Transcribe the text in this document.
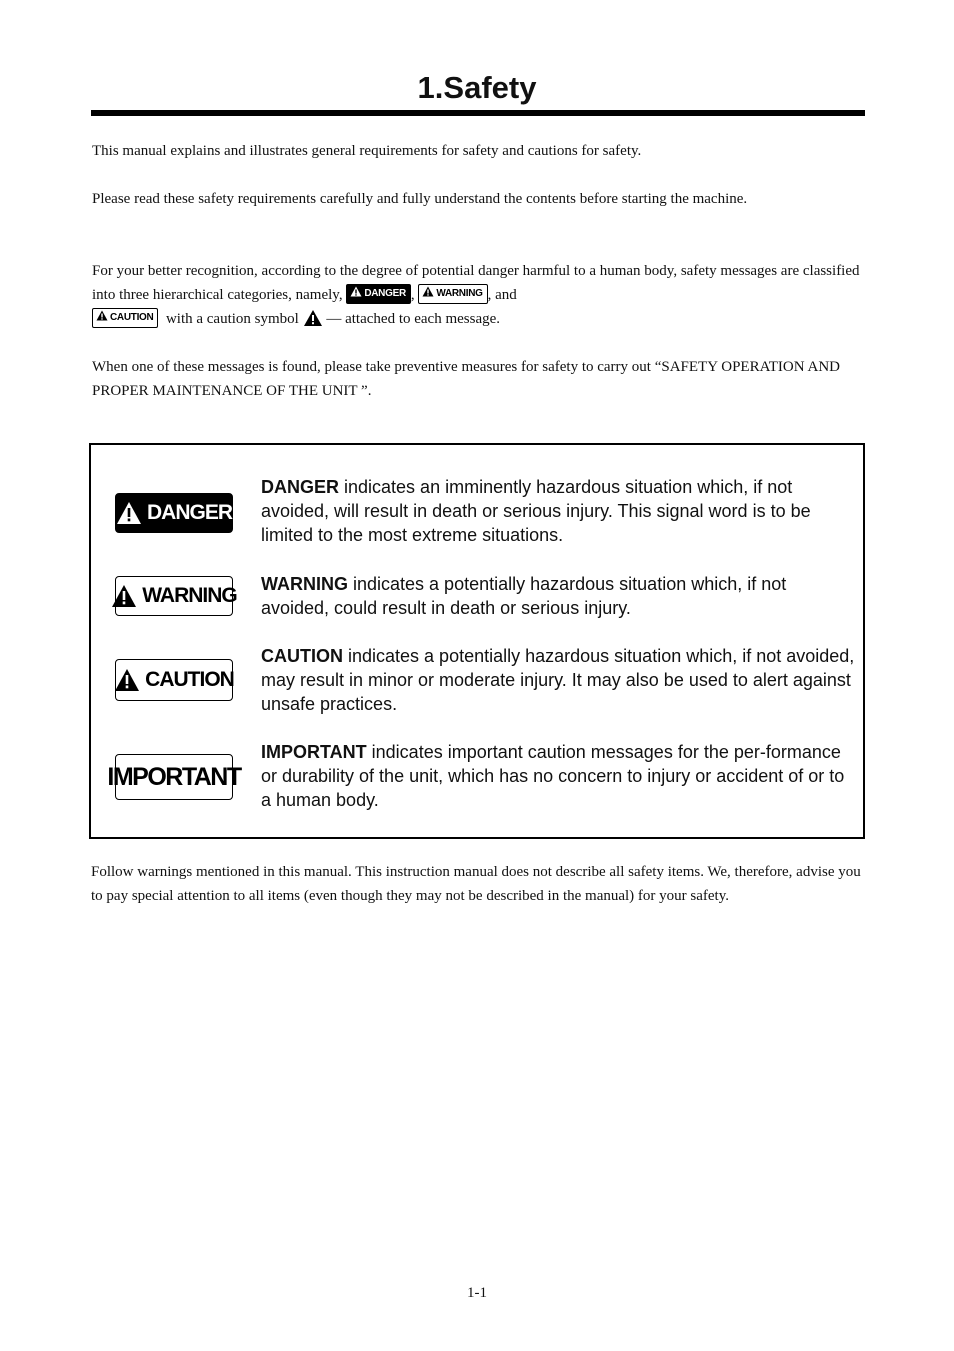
1.Safety

This manual explains and illustrates general requirements for safety and cautions for safety.

Please read these safety requirements carefully and fully understand the contents before starting the machine.

For your better recognition, according to the degree of potential danger harmful to a human body, safety messages are classified into three hierarchical categories, namely, DANGER , WARNING , and
CAUTION with a caution symbol — attached to each message.

When one of these messages is found, please take preventive measures for safety to carry out “SAFETY OPERATION AND PROPER MAINTENANCE OF THE UNIT ”.

DANGER

DANGER indicates an imminently hazardous situation which, if not avoided, will result in death or serious injury. This signal word is to be limited to the most extreme situations.

WARNING WARNING indicates a potentially hazardous situation which, if not avoided, could result in death or serious injury.

CAUTION

CAUTION indicates a potentially hazardous situation which, if not avoided, may result in minor or moderate injury. It may also be used to alert against unsafe practices.

IMPORTANT

IMPORTANT indicates important caution messages for the per-formance or durability of the unit, which has no concern to injury or accident of or to a human body.

Follow warnings mentioned in this manual. This instruction manual does not describe all safety items. We, therefore, advise you to pay special attention to all items (even though they may not be described in the manual) for your safety.

1-1
